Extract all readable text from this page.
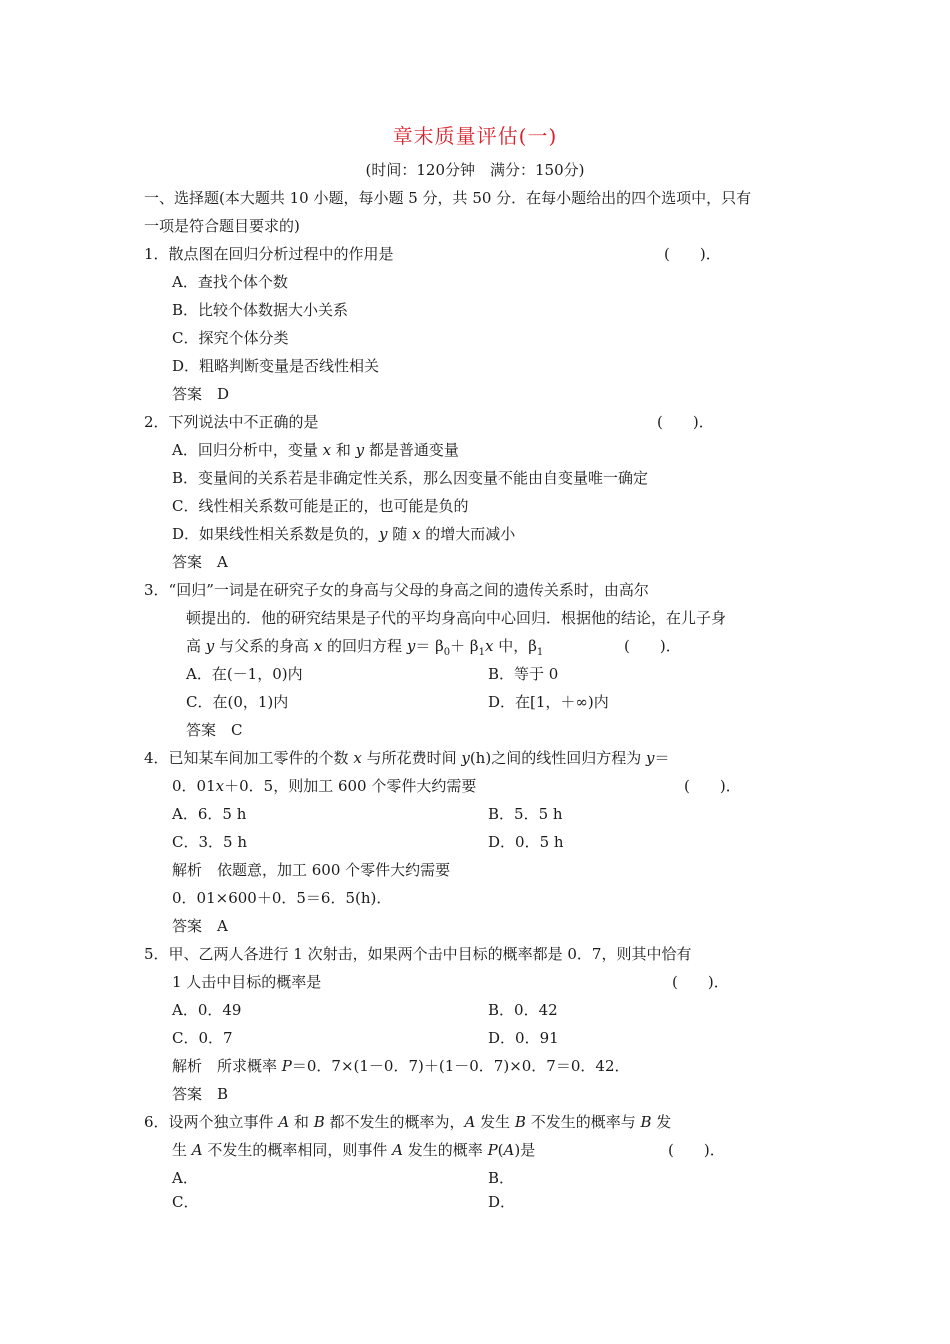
章末质量评估(一)
(时间：120分钟　满分：150分)
一、选择题(本大题共 10 小题，每小题 5 分，共 50 分．在每小题给出的四个选项中，只有
一项是符合题目要求的)
1．散点图在回归分析过程中的作用是	(　　)．
A．查找个体个数
B．比较个体数据大小关系
C．探究个体分类
D．粗略判断变量是否线性相关
答案　D
2．下列说法中不正确的是	(　　)．
A．回归分析中，变量 x 和 y 都是普通变量
B．变量间的关系若是非确定性关系，那么因变量不能由自变量唯一确定
C．线性相关系数可能是正的，也可能是负的
D．如果线性相关系数是负的，y 随 x 的增大而减小
答案　A
3．“回归”一词是在研究子女的身高与父母的身高之间的遗传关系时，由高尔
顿提出的．他的研究结果是子代的平均身高向中心回归．根据他的结论，在儿子身
高 y 与父系的身高 x 的回归方程 $y= \beta_0+ \beta_1x$ 中，$\beta_1$	(　　)．
A．在(－1，0)内	B．等于 0
C．在(0，1)内	D．在[1，＋∞)内
答案　C
4．已知某车间加工零件的个数 x 与所花费时间 y(h)之间的线性回归方程为 y＝
0．01x＋0．5，则加工 600 个零件大约需要	(　　)．
A．6．5 h	B．5．5 h
C．3．5 h	D．0．5 h
解析　依题意，加工 600 个零件大约需要
0．01×600＋0．5＝6．5(h)．
答案　A
5．甲、乙两人各进行 1 次射击，如果两个击中目标的概率都是 0．7，则其中恰有
1 人击中目标的概率是	(　　)．
A．0．49	B．0．42
C．0．7	D．0．91
解析　所求概率 P＝0．7×(1－0．7)＋(1－0．7)×0．7＝0．42．
答案　B
6．设两个独立事件 A 和 B 都不发生的概率为，A 发生 B 不发生的概率与 B 发
生 A 不发生的概率相同，则事件 A 发生的概率 P(A)是	(　　)．
A．	B．
C．	D．
